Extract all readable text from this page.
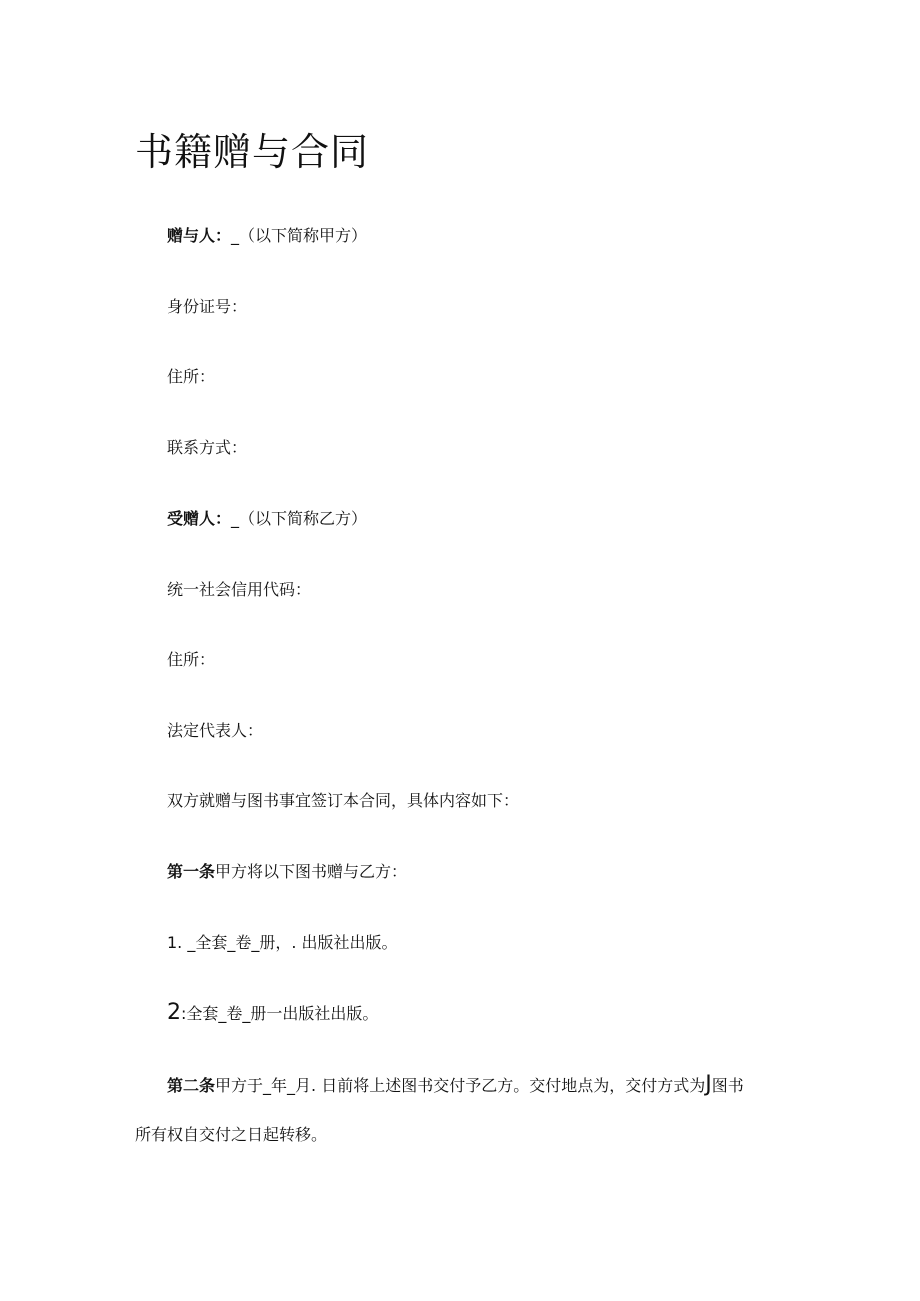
书籍赠与合同
赠与人：_（以下简称甲方）
身份证号：
住所：
联系方式：
受赠人：_（以下简称乙方）
统一社会信用代码：
住所：
法定代表人：
双方就赠与图书事宜签订本合同，具体内容如下：
第一条甲方将以下图书赠与乙方：
1. _全套_卷_册，. 出版社出版。
2:全套_卷_册一出版社出版。
第二条甲方于_年_月. 日前将上述图书交付予乙方。交付地点为，交付方式为J图书
所有权自交付之日起转移。
